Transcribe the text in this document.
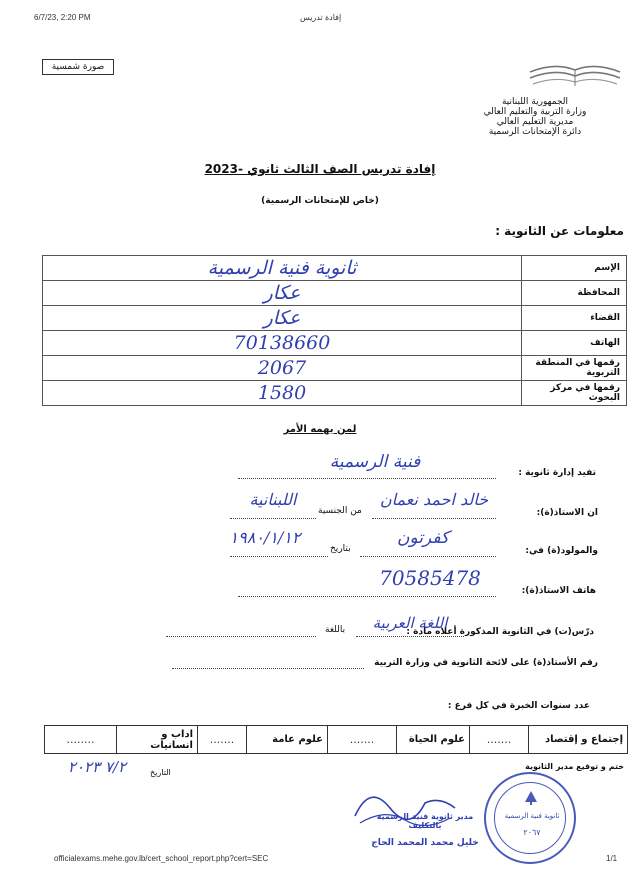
6/7/23, 2:20 PM	إفادة تدريس
صورة شمسية
الجمهورية اللبنانية
وزارة التربية والتعليم العالي
مديرية التعليم العالي
دائرة الإمتحانات الرسمية
إفادة تدريس الصف الثالث ثانوي -2023
(خاص للإمتحانات الرسمية)
معلومات عن الثانوية :
الإسم	ثانوية فنية الرسمية
المحافظة	عكار
القضاء	عكار
الهاتف	70138660
رقمها في المنطقة التربوية	2067
رقمها في مركز البحوث	1580
لمن يهمه الأمر
تفيد إدارة ثانوية :
فنية الرسمية
ان الاستاذ(ة):
خالد احمد نعمان
من الجنسية
اللبنانية
والمولود(ة) في:
كفرتون
بتاريخ
١٩٨٠/١/١٢
هاتف الاستاذ(ة):
70585478
درّس(ت) في الثانوية المذكورة أعلاه مادة :
اللغة العربية
باللغة
رقم الأستاذ(ة) على لائحة الثانوية في وزارة التربية
عدد سنوات الخبرة في كل فرع :
إجتماع و إقتصاد	.......	علوم الحياة	.......	علوم عامة	.......	اداب و انسانيات	........
ختم و توقيع مدير الثانوية
التاريخ
٧/٢ ٢٠٢٣
مدير ثانوية فنية الرسمية بالتكليف
خليل محمد المحمد الحاج
ثانوية فنية الرسمية
٢٠٦٧
officialexams.mehe.gov.lb/cert_school_report.php?cert=SEC	1/1
